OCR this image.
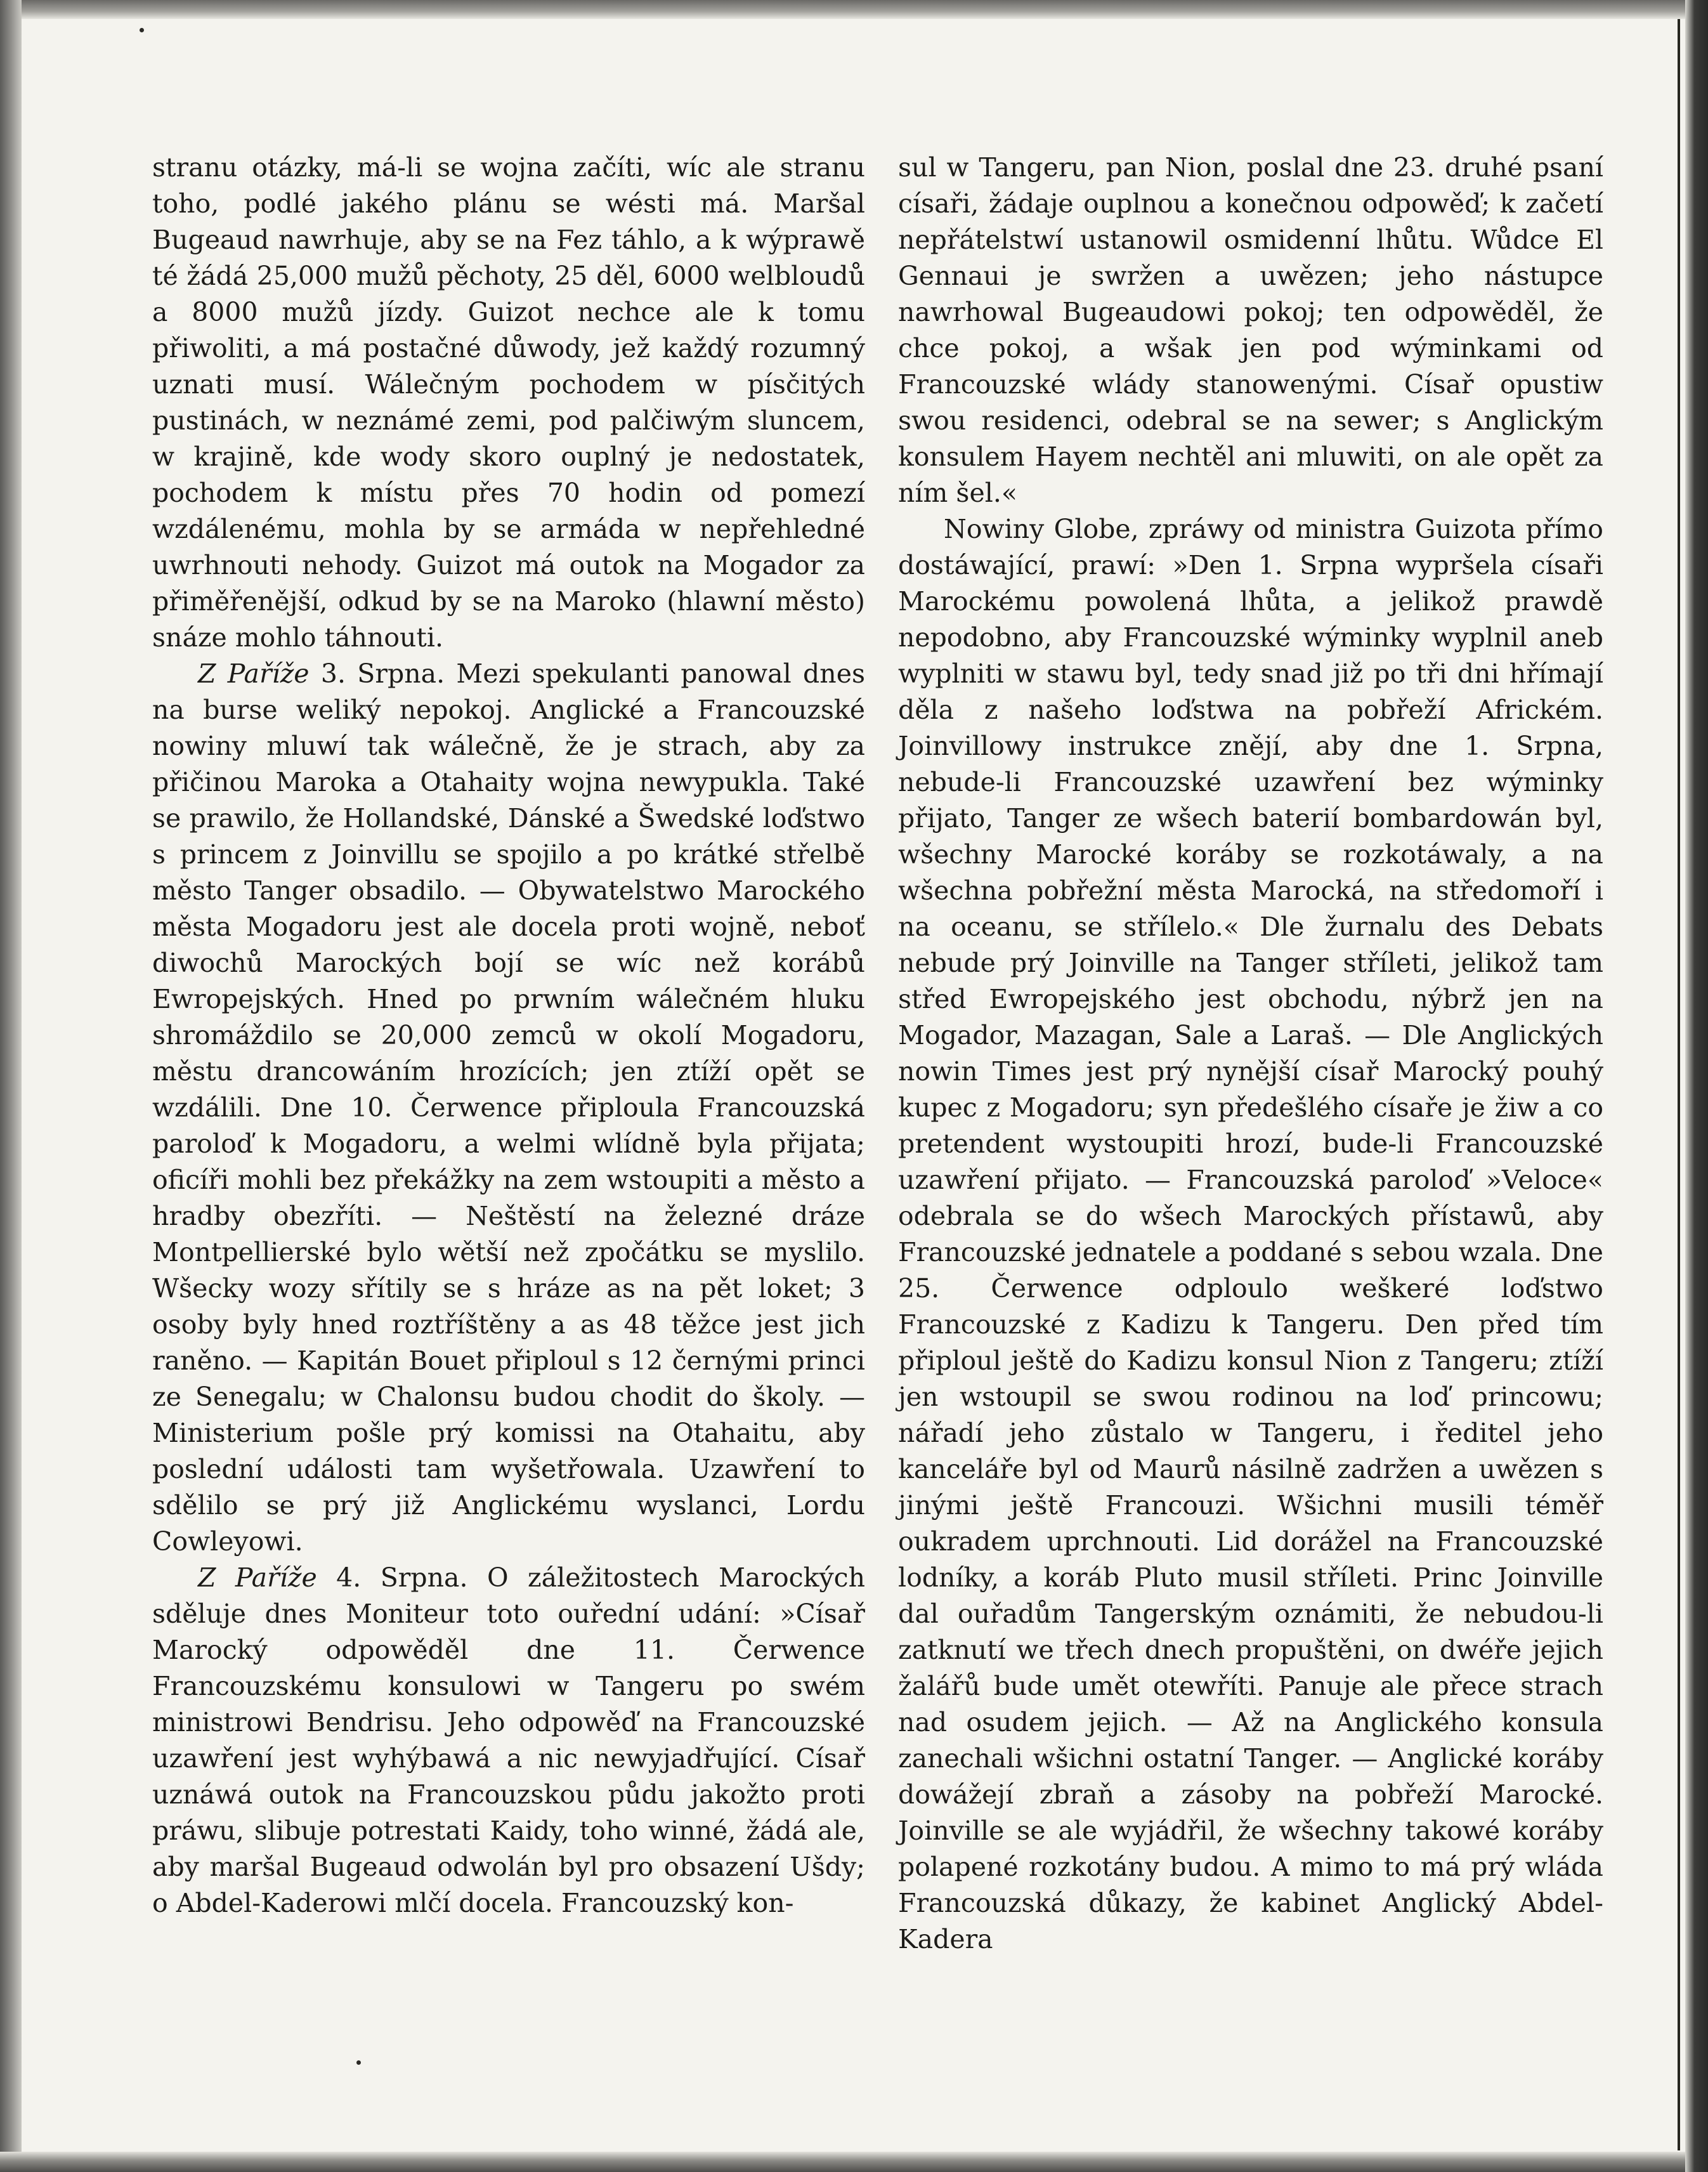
stranu otázky, má-li se wojna začíti, wíc ale stranu toho, podlé jakého plánu se wésti má. Maršal Bugeaud nawrhuje, aby se na Fez táhlo, a k wýprawě té žádá 25,000 mužů pěchoty, 25 děl, 6000 welbloudů a 8000 mužů jízdy. Guizot nechce ale k tomu přiwoliti, a má postačné důwody, jež každý rozumný uznati musí. Wálečným pochodem w písčitých pustinách, w neznámé zemi, pod palčiwým sluncem, w krajině, kde wody skoro ouplný je nedostatek, pochodem k místu přes 70 hodin od pomezí wzdálenému, mohla by se armáda w nepřehledné uwrhnouti nehody. Guizot má outok na Mogador za přiměřenější, odkud by se na Maroko (hlawní město) snáze mohlo táhnouti.

Z Paříže 3. Srpna. Mezi spekulanti panowal dnes na burse weliký nepokoj. Anglické a Francouzské nowiny mluwí tak wálečně, že je strach, aby za přičinou Maroka a Otahaity wojna newypukla. Také se prawilo, že Hollandské, Dánské a Šwedské loďstwo s princem z Joinvillu se spojilo a po krátké střelbě město Tanger obsadilo. — Obywatelstwo Marockého města Mogadoru jest ale docela proti wojně, neboť diwochů Marockých bojí se wíc než korábů Ewropejských. Hned po prwním wálečném hluku shromáždilo se 20,000 zemců w okolí Mogadoru, městu drancowáním hrozících; jen ztíží opět se wzdálili. Dne 10. Čerwence připloula Francouzská paroloď k Mogadoru, a welmi wlídně byla přijata; oficíři mohli bez překážky na zem wstoupiti a město a hradby obezříti. — Neštěstí na železné dráze Montpellierské bylo wětší než zpočátku se myslilo. Wšecky wozy sřítily se s hráze as na pět loket; 3 osoby byly hned roztříštěny a as 48 těžce jest jich raněno. — Kapitán Bouet připloul s 12 černými princi ze Senegalu; w Chalonsu budou chodit do školy. — Ministerium pošle prý komissi na Otahaitu, aby poslední události tam wyšetřowala. Uzawření to sdělilo se prý již Anglickému wyslanci, Lordu Cowleyowi.

Z Paříže 4. Srpna. O záležitostech Marockých sděluje dnes Moniteur toto ouřední udání: »Císař Marocký odpowěděl dne 11. Čerwence Francouzskému konsulowi w Tangeru po swém ministrowi Bendrisu. Jeho odpowěď na Francouzské uzawření jest wyhýbawá a nic newyjadřující. Císař uznáwá outok na Francouzskou půdu jakožto proti práwu, slibuje potrestati Kaidy, toho winné, žádá ale, aby maršal Bugeaud odwolán byl pro obsazení Ušdy; o Abdel-Kaderowi mlčí docela. Francouzský kon-

sul w Tangeru, pan Nion, poslal dne 23. druhé psaní císaři, žádaje ouplnou a konečnou odpowěď; k začetí nepřátelstwí ustanowil osmidenní lhůtu. Wůdce El Gennaui je swržen a uwězen; jeho nástupce nawrhowal Bugeaudowi pokoj; ten odpowěděl, že chce pokoj, a wšak jen pod wýminkami od Francouzské wlády stanowenými. Císař opustiw swou residenci, odebral se na sewer; s Anglickým konsulem Hayem nechtěl ani mluwiti, on ale opět za ním šel.«

Nowiny Globe, zpráwy od ministra Guizota přímo dostáwající, prawí: »Den 1. Srpna wypršela císaři Marockému powolená lhůta, a jelikož prawdě nepodobno, aby Francouzské wýminky wyplnil aneb wyplniti w stawu byl, tedy snad již po tři dni hřímají děla z našeho loďstwa na pobřeží Africkém. Joinvillowy instrukce znějí, aby dne 1. Srpna, nebude-li Francouzské uzawření bez wýminky přijato, Tanger ze wšech baterií bombardowán byl, wšechny Marocké koráby se rozkotáwaly, a na wšechna pobřežní města Marocká, na středomoří i na oceanu, se střílelo.« Dle žurnalu des Debats nebude prý Joinville na Tanger stříleti, jelikož tam střed Ewropejského jest obchodu, nýbrž jen na Mogador, Mazagan, Sale a Laraš. — Dle Anglických nowin Times jest prý nynější císař Marocký pouhý kupec z Mogadoru; syn předešlého císaře je žiw a co pretendent wystoupiti hrozí, bude-li Francouzské uzawření přijato. — Francouzská paroloď »Veloce« odebrala se do wšech Marockých přístawů, aby Francouzské jednatele a poddané s sebou wzala. Dne 25. Čerwence odploulo weškeré loďstwo Francouzské z Kadizu k Tangeru. Den před tím připloul ještě do Kadizu konsul Nion z Tangeru; ztíží jen wstoupil se swou rodinou na loď princowu; nářadí jeho zůstalo w Tangeru, i ředitel jeho kanceláře byl od Maurů násilně zadržen a uwězen s jinými ještě Francouzi. Wšichni musili téměř oukradem uprchnouti. Lid dorážel na Francouzské lodníky, a koráb Pluto musil stříleti. Princ Joinville dal ouřadům Tangerským oznámiti, že nebudou-li zatknutí we třech dnech propuštěni, on dwéře jejich žalářů bude umět otewříti. Panuje ale přece strach nad osudem jejich. — Až na Anglického konsula zanechali wšichni ostatní Tanger. — Anglické koráby dowážejí zbraň a zásoby na pobřeží Marocké. Joinville se ale wyjádřil, že wšechny takowé koráby polapené rozkotány budou. A mimo to má prý wláda Francouzská důkazy, že kabinet Anglický Abdel-Kadera
